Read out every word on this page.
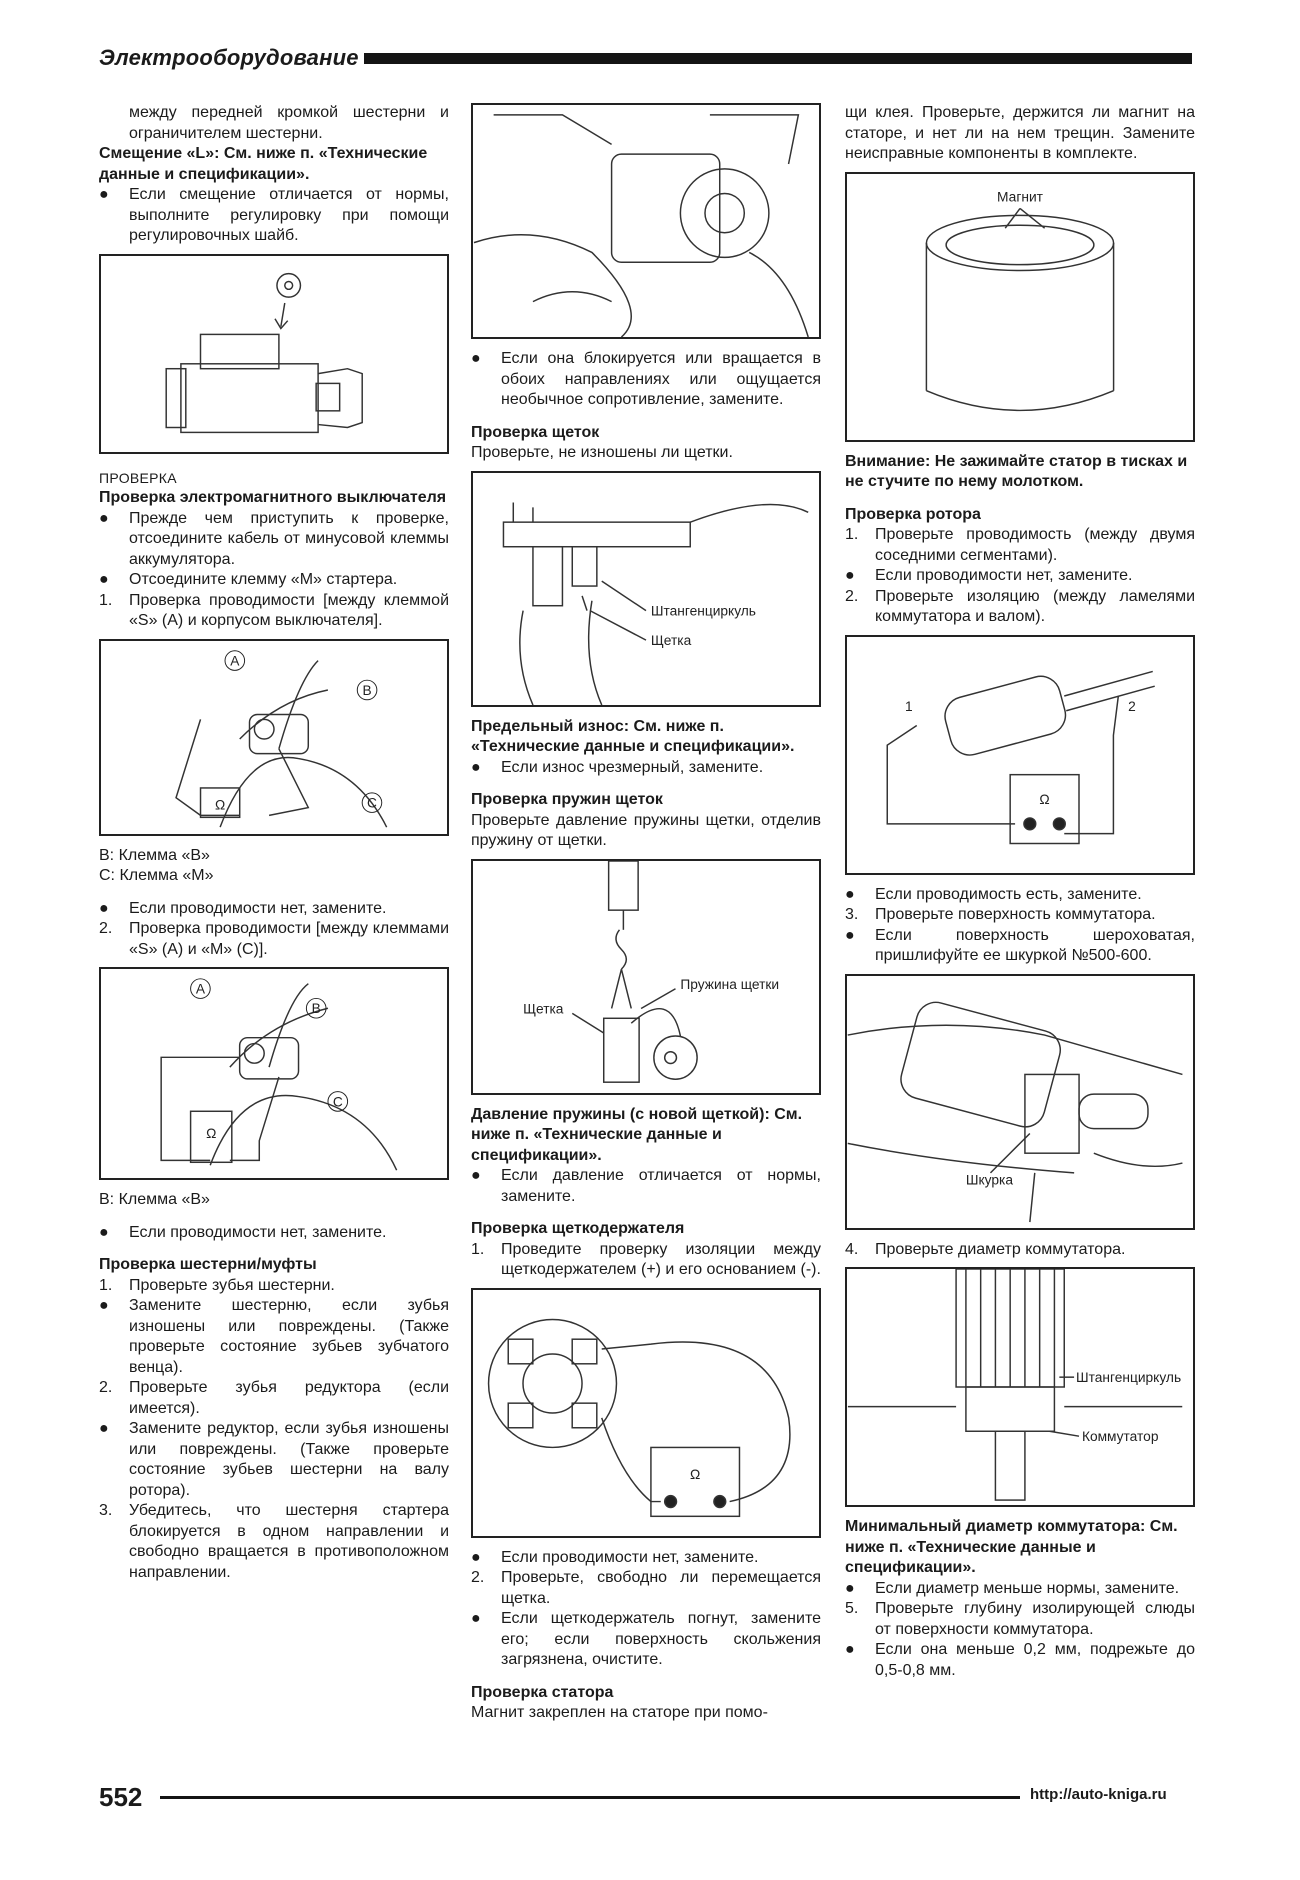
Электрооборудование

между передней кромкой шестерни и ограничителем шестерни.

Смещение «L»: См. ниже п. «Технические данные и спецификации».

●	Если смещение отличается от нормы, выполните регулировку при помощи регулировочных шайб.

ПРОВЕРКА

Проверка электромагнитного выключателя

●	Прежде чем приступить к проверке, отсоедините кабель от минусовой клеммы аккумулятора.
●	Отсоедините клемму «М» стартера.
1.	Проверка проводимости [между клеммой «S» (A) и корпусом выключателя].
A
B
C
Ω

B: Клемма «B»

C: Клемма «M»

●	Если проводимости нет, замените.
2.	Проверка проводимости [между клеммами «S» (A) и «M» (C)].
A
B
C
Ω

B: Клемма «B»

●	Если проводимости нет, замените.

Проверка шестерни/муфты

1.	Проверьте зубья шестерни.
●	Замените шестерню, если зубья изношены или повреждены. (Также проверьте состояние зубьев зубчатого венца).
2.	Проверьте зубья редуктора (если имеется).
●	Замените редуктор, если зубья изношены или повреждены. (Также проверьте состояние зубьев шестерни на валу ротора).
3.	Убедитесь, что шестерня стартера блокируется в одном направлении и свободно вращается в противоположном направлении.
●	Если она блокируется или вращается в обоих направлениях или ощущается необычное сопротивление, замените.

Проверка щеток

Проверьте, не изношены ли щетки.

Штангенциркуль
Щетка

Предельный износ: См. ниже п. «Технические данные и спецификации».

●	Если износ чрезмерный, замените.

Проверка пружин щеток

Проверьте давление пружины щетки, отделив пружину от щетки.

Пружина щетки
Щетка

Давление пружины (с новой щеткой): См. ниже п. «Технические данные и спецификации».

●	Если давление отличается от нормы, замените.

Проверка щеткодержателя

1.	Проведите проверку изоляции между щеткодержателем (+) и его основанием (-).
Ω
●	Если проводимости нет, замените.
2.	Проверьте, свободно ли перемещается щетка.
●	Если щеткодержатель погнут, замените его; если поверхность скольжения загрязнена, очистите.

Проверка статора

Магнит закреплен на статоре при помо-

щи клея. Проверьте, держится ли магнит на статоре, и нет ли на нем трещин. Замените неисправные компоненты в комплекте.

Магнит

Внимание: Не зажимайте статор в тисках и не стучите по нему молотком.

Проверка ротора

1.	Проверьте проводимость (между двумя соседними сегментами).
●	Если проводимости нет, замените.
2.	Проверьте изоляцию (между ламелями коммутатора и валом).
Ω
1	2
●	Если проводимость есть, замените.
3.	Проверьте поверхность коммутатора.
●	Если поверхность шероховатая, пришлифуйте ее шкуркой №500-600.
Шкурка
4.	Проверьте диаметр коммутатора.
Штангенциркуль
Коммутатор

Минимальный диаметр коммутатора: См. ниже п. «Технические данные и спецификации».

●	Если диаметр меньше нормы, замените.
5.	Проверьте глубину изолирующей слюды от поверхности коммутатора.
●	Если она меньше 0,2 мм, подрежьте до 0,5-0,8 мм.
552	http://auto-kniga.ru
